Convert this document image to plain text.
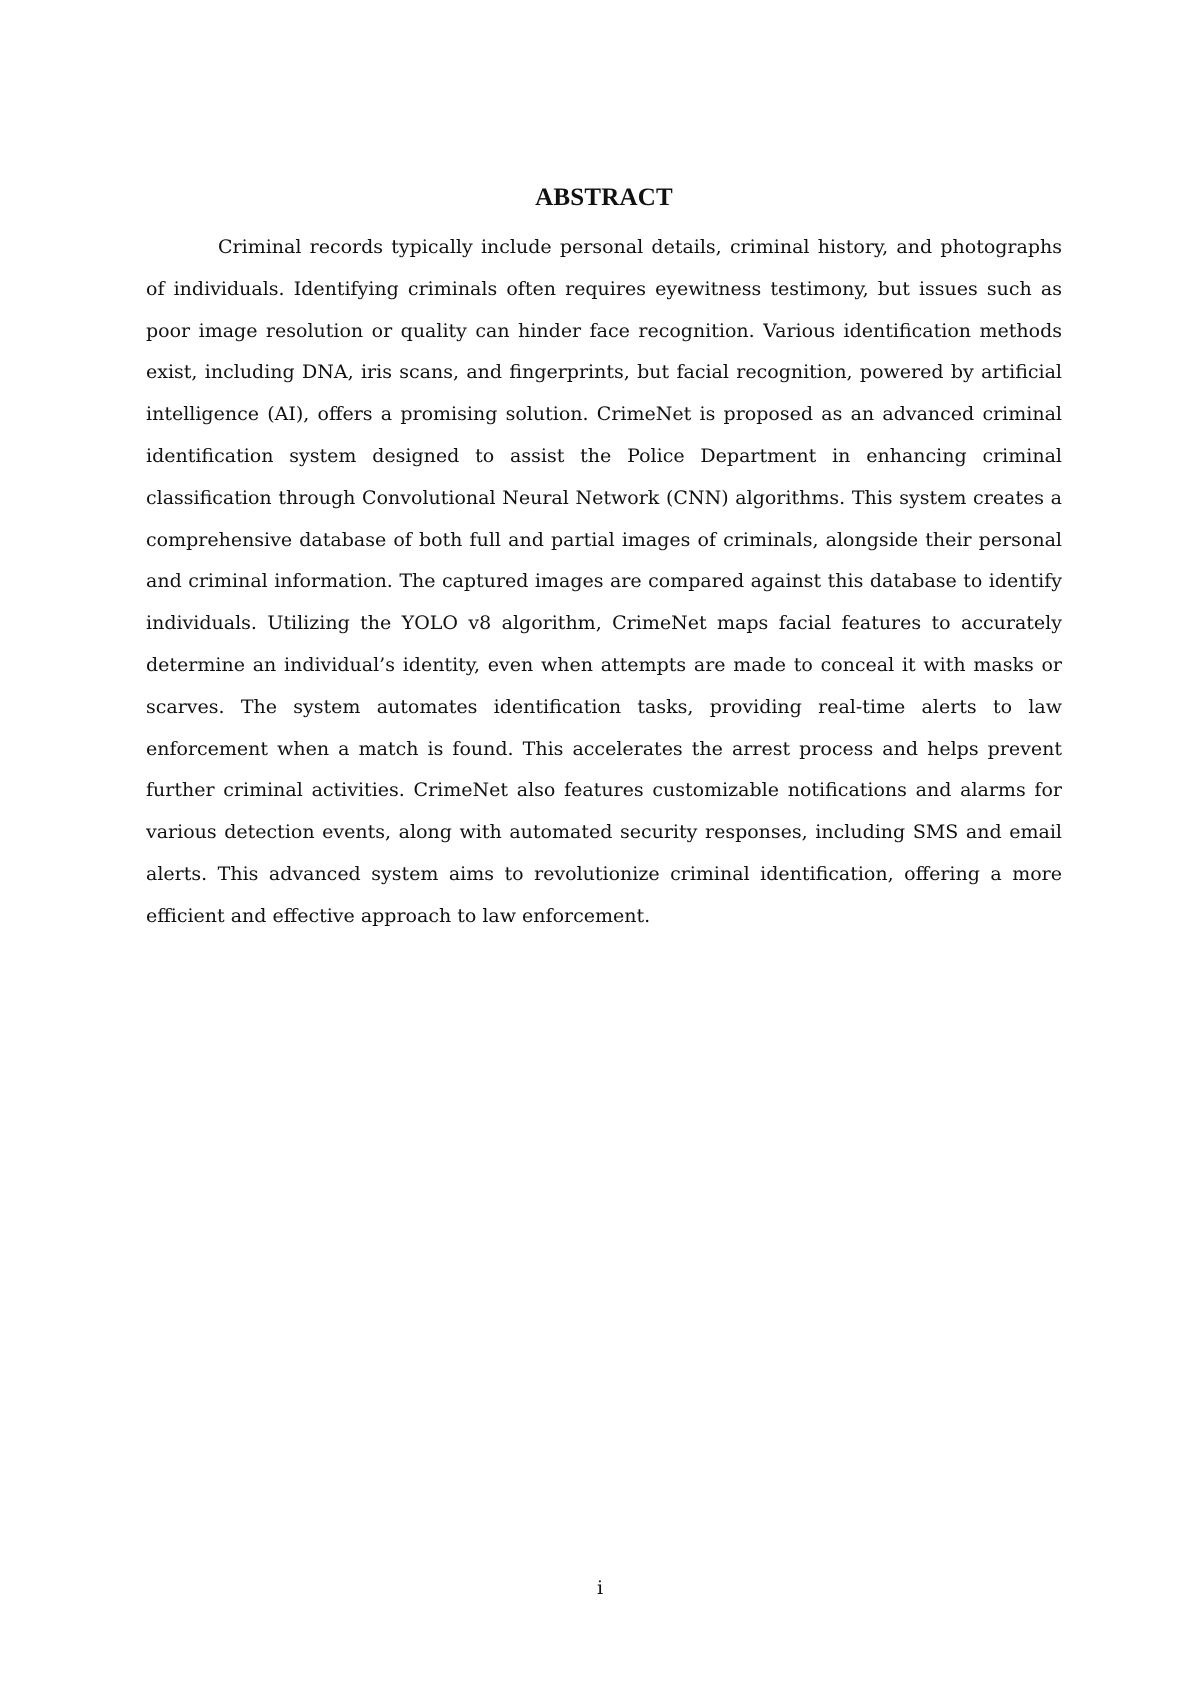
ABSTRACT

Criminal records typically include personal details, criminal history, and photographs of individuals. Identifying criminals often requires eyewitness testimony, but issues such as poor image resolution or quality can hinder face recognition. Various identification methods exist, including DNA, iris scans, and fingerprints, but facial recognition, powered by artificial intelligence (AI), offers a promising solution. CrimeNet is proposed as an advanced criminal identification system designed to assist the Police Department in enhancing criminal classification through Convolutional Neural Network (CNN) algorithms. This system creates a comprehensive database of both full and partial images of criminals, alongside their personal and criminal information. The captured images are compared against this database to identify individuals. Utilizing the YOLO v8 algorithm, CrimeNet maps facial features to accurately determine an individual’s identity, even when attempts are made to conceal it with masks or scarves. The system automates identification tasks, providing real-time alerts to law enforcement when a match is found. This accelerates the arrest process and helps prevent further criminal activities. CrimeNet also features customizable notifications and alarms for various detection events, along with automated security responses, including SMS and email alerts. This advanced system aims to revolutionize criminal identification, offering a more efficient and effective approach to law enforcement.

i
